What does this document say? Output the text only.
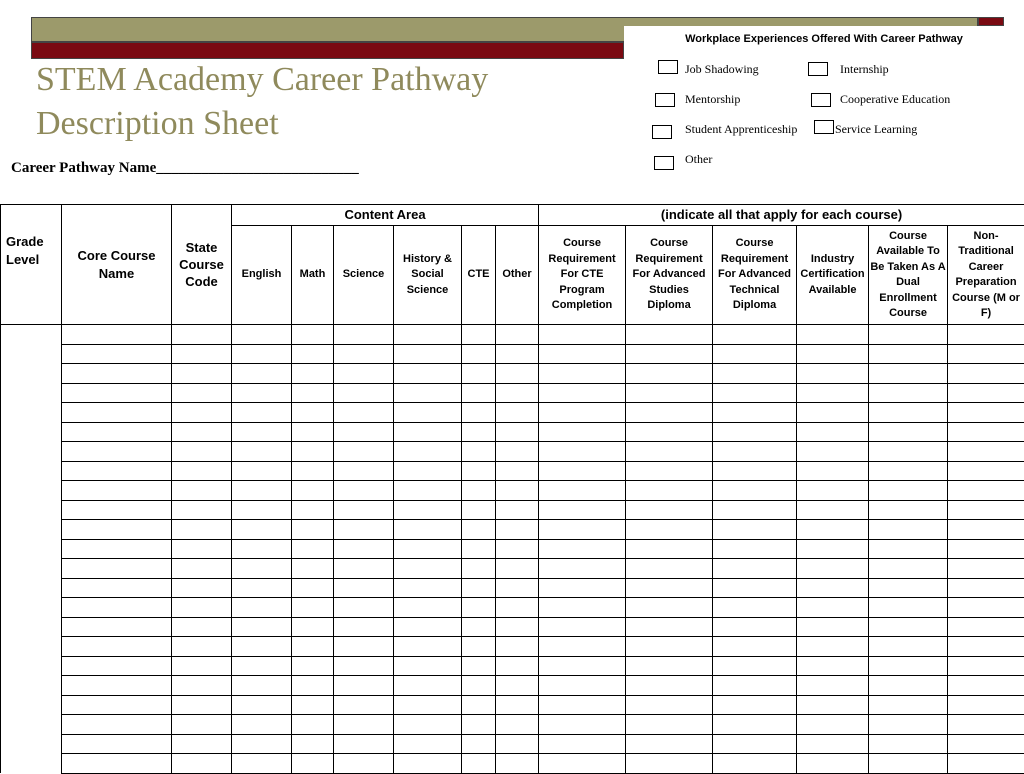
STEM Academy Career Pathway
Description Sheet
Career Pathway Name___________________________
Workplace Experiences Offered With Career Pathway
Job Shadowing	Internship
Mentorship	Cooperative Education
Student Apprenticeship	Service Learning
Other
Grade Level	Core Course Name	State Course Code	Content Area						(indicate all that apply for each course)					
			English	Math	Science	History & Social Science	CTE	Other	Course Requirement For CTE Program Completion	Course Requirement For Advanced Studies Diploma	Course Requirement For Advanced Technical Diploma	Industry Certification Available	Course Available To Be Taken As A Dual Enrollment Course	Non-Traditional Career Preparation Course (M or F)
